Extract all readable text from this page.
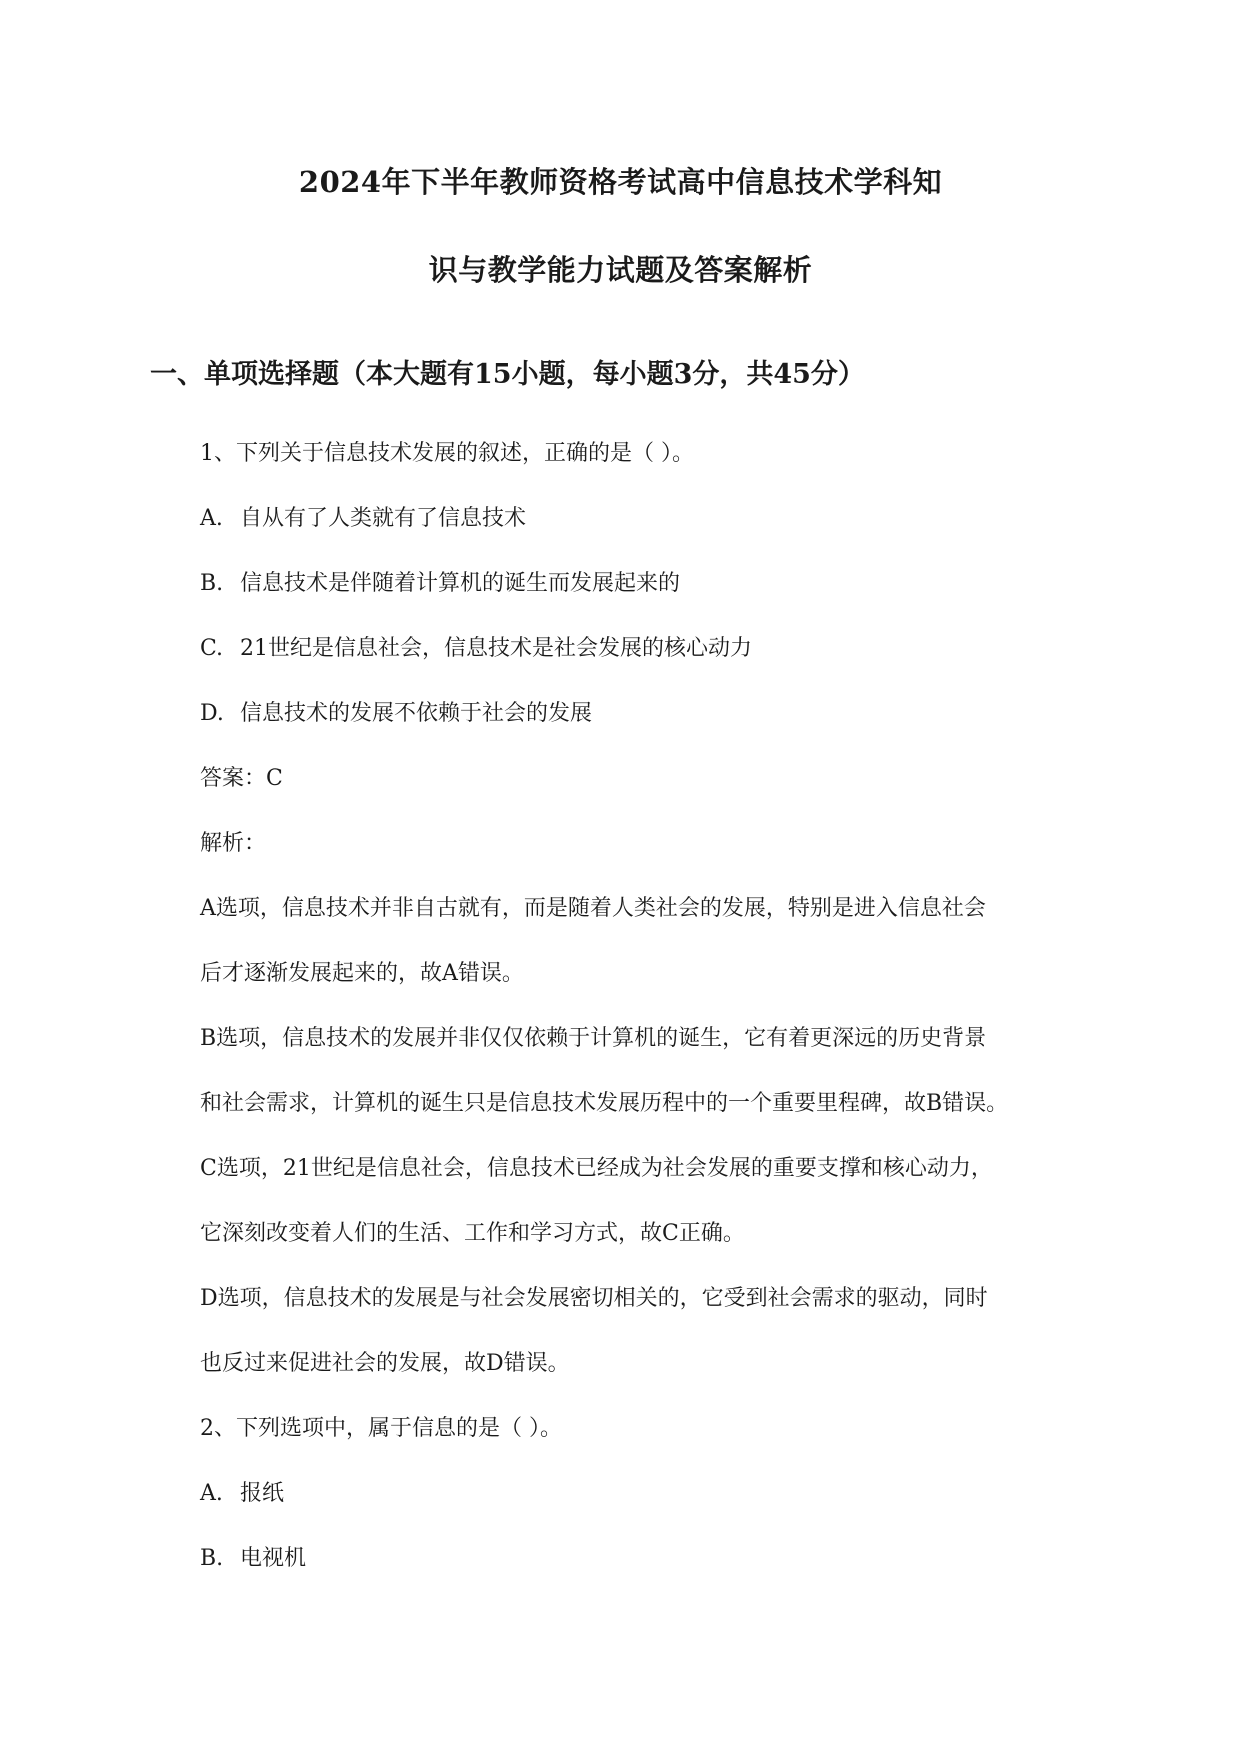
2024年下半年教师资格考试高中信息技术学科知
识与教学能力试题及答案解析
一、单项选择题（本大题有15小题，每小题3分，共45分）
1、下列关于信息技术发展的叙述，正确的是（ ）。
A. 自从有了人类就有了信息技术
B. 信息技术是伴随着计算机的诞生而发展起来的
C. 21世纪是信息社会，信息技术是社会发展的核心动力
D. 信息技术的发展不依赖于社会的发展
答案：C
解析：
A选项，信息技术并非自古就有，而是随着人类社会的发展，特别是进入信息社会
后才逐渐发展起来的，故A错误。
B选项，信息技术的发展并非仅仅依赖于计算机的诞生，它有着更深远的历史背景
和社会需求，计算机的诞生只是信息技术发展历程中的一个重要里程碑，故B错误。
C选项，21世纪是信息社会，信息技术已经成为社会发展的重要支撑和核心动力，
它深刻改变着人们的生活、工作和学习方式，故C正确。
D选项，信息技术的发展是与社会发展密切相关的，它受到社会需求的驱动，同时
也反过来促进社会的发展，故D错误。
2、下列选项中，属于信息的是（ ）。
A. 报纸
B. 电视机
